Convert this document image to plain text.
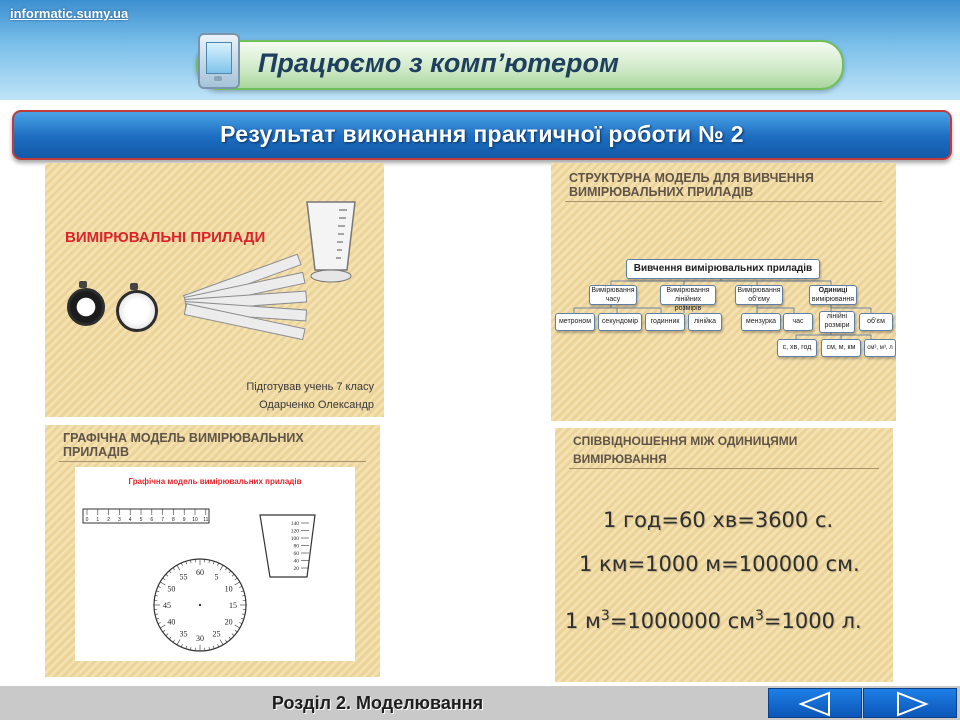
informatic.sumy.ua
Працюємо з комп’ютером
Результат виконання практичної роботи № 2
ВИМІРЮВАЛЬНІ ПРИЛАДИ
Підготував учень 7 класу
Одарченко Олександр
СТРУКТУРНА МОДЕЛЬ ДЛЯ ВИВЧЕННЯ
ВИМІРЮВАЛЬНИХ ПРИЛАДІВ
Вивчення вимірювальних приладів
Вимірювання
часу
Вимірювання
лінійних розмірів
Вимірювання
об’єму
Одиниці
вимірювання
метроном	секундомір	годинник	лінійка	мензурка	час
лінійні розміри
об’єм
с, хв, год	см, м, км	см³, м³, л
ГРАФІЧНА МОДЕЛЬ ВИМІРЮВАЛЬНИХ
ПРИЛАДІВ
Графічна модель вимірювальних приладів
0 1 2 3 4 5 6 7 8 9 10 11
140
120
100
80
60
40
20
60 5
10
15
20
25
30
35
40
45
50
55
СПІВВІДНОШЕННЯ МІЖ ОДИНИЦЯМИ
ВИМІРЮВАННЯ
1 год=60 хв=3600 с.
1 км=1000 м=100000 см.
1 $м^3=1000000$ $см^3=1000$ л.
Розділ 2. Моделювання
